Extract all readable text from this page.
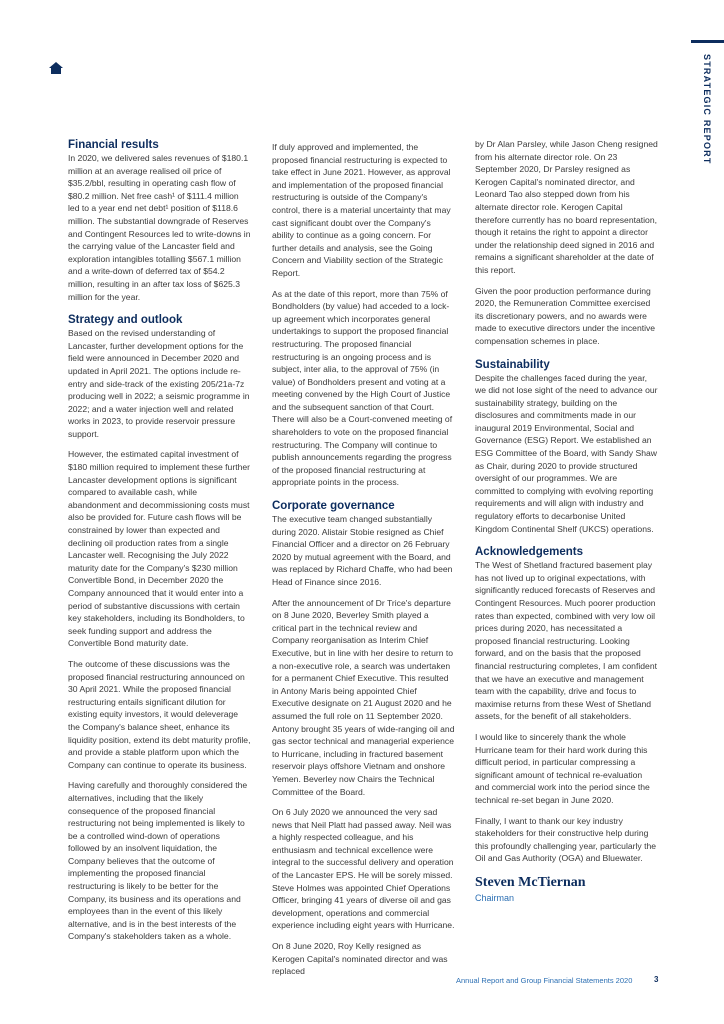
STRATEGIC REPORT
Financial results

In 2020, we delivered sales revenues of $180.1 million at an average realised oil price of $35.2/bbl, resulting in operating cash flow of $80.2 million. Net free cash¹ of $111.4 million led to a year end net debt¹ position of $118.6 million. The substantial downgrade of Reserves and Contingent Resources led to write-downs in the carrying value of the Lancaster field and exploration intangibles totalling $567.1 million and a write-down of deferred tax of $54.2 million, resulting in an after tax loss of $625.3 million for the year.

Strategy and outlook

Based on the revised understanding of Lancaster, further development options for the field were announced in December 2020 and updated in April 2021. The options include re-entry and side-track of the existing 205/21a-7z producing well in 2022; a seismic programme in 2022; and a water injection well and related works in 2023, to provide reservoir pressure support.

However, the estimated capital investment of $180 million required to implement these further Lancaster development options is significant compared to available cash, while abandonment and decommissioning costs must also be provided for. Future cash flows will be constrained by lower than expected and declining oil production rates from a single Lancaster well. Recognising the July 2022 maturity date for the Company's $230 million Convertible Bond, in December 2020 the Company announced that it would enter into a period of substantive discussions with certain key stakeholders, including its Bondholders, to seek funding support and address the Convertible Bond maturity date.

The outcome of these discussions was the proposed financial restructuring announced on 30 April 2021. While the proposed financial restructuring entails significant dilution for existing equity investors, it would deleverage the Company's balance sheet, enhance its liquidity position, extend its debt maturity profile, and provide a stable platform upon which the Company can continue to operate its business.

Having carefully and thoroughly considered the alternatives, including that the likely consequence of the proposed financial restructuring not being implemented is likely to be a controlled wind-down of operations followed by an insolvent liquidation, the Company believes that the outcome of implementing the proposed financial restructuring is likely to be better for the Company, its business and its operations and employees than in the event of this likely alternative, and is in the best interests of the Company's stakeholders taken as a whole.

If duly approved and implemented, the proposed financial restructuring is expected to take effect in June 2021. However, as approval and implementation of the proposed financial restructuring is outside of the Company's control, there is a material uncertainty that may cast significant doubt over the Company's ability to continue as a going concern. For further details and analysis, see the Going Concern and Viability section of the Strategic Report.

As at the date of this report, more than 75% of Bondholders (by value) had acceded to a lock-up agreement which incorporates general undertakings to support the proposed financial restructuring. The proposed financial restructuring is an ongoing process and is subject, inter alia, to the approval of 75% (in value) of Bondholders present and voting at a meeting convened by the High Court of Justice and the subsequent sanction of that Court. There will also be a Court-convened meeting of shareholders to vote on the proposed financial restructuring. The Company will continue to publish announcements regarding the progress of the proposed financial restructuring at appropriate points in the process.

Corporate governance

The executive team changed substantially during 2020. Alistair Stobie resigned as Chief Financial Officer and a director on 26 February 2020 by mutual agreement with the Board, and was replaced by Richard Chaffe, who had been Head of Finance since 2016.

After the announcement of Dr Trice's departure on 8 June 2020, Beverley Smith played a critical part in the technical review and Company reorganisation as Interim Chief Executive, but in line with her desire to return to a non-executive role, a search was undertaken for a permanent Chief Executive. This resulted in Antony Maris being appointed Chief Executive designate on 21 August 2020 and he assumed the full role on 11 September 2020. Antony brought 35 years of wide-ranging oil and gas sector technical and managerial experience to Hurricane, including in fractured basement reservoir plays offshore Vietnam and onshore Yemen. Beverley now Chairs the Technical Committee of the Board.

On 6 July 2020 we announced the very sad news that Neil Platt had passed away. Neil was a highly respected colleague, and his enthusiasm and technical excellence were integral to the successful delivery and operation of the Lancaster EPS. He will be sorely missed. Steve Holmes was appointed Chief Operations Officer, bringing 41 years of diverse oil and gas development, operations and commercial experience including eight years with Hurricane.

On 8 June 2020, Roy Kelly resigned as Kerogen Capital's nominated director and was replaced

by Dr Alan Parsley, while Jason Cheng resigned from his alternate director role. On 23 September 2020, Dr Parsley resigned as Kerogen Capital's nominated director, and Leonard Tao also stepped down from his alternate director role. Kerogen Capital therefore currently has no board representation, though it retains the right to appoint a director under the relationship deed signed in 2016 and remains a significant shareholder at the date of this report.

Given the poor production performance during 2020, the Remuneration Committee exercised its discretionary powers, and no awards were made to executive directors under the incentive compensation schemes in place.

Sustainability

Despite the challenges faced during the year, we did not lose sight of the need to advance our sustainability strategy, building on the disclosures and commitments made in our inaugural 2019 Environmental, Social and Governance (ESG) Report. We established an ESG Committee of the Board, with Sandy Shaw as Chair, during 2020 to provide structured oversight of our programmes. We are committed to complying with evolving reporting requirements and will align with industry and regulatory efforts to decarbonise United Kingdom Continental Shelf (UKCS) operations.

Acknowledgements

The West of Shetland fractured basement play has not lived up to original expectations, with significantly reduced forecasts of Reserves and Contingent Resources. Much poorer production rates than expected, combined with very low oil prices during 2020, has necessitated a proposed financial restructuring. Looking forward, and on the basis that the proposed financial restructuring completes, I am confident that we have an executive and management team with the capability, drive and focus to maximise returns from these West of Shetland assets, for the benefit of all stakeholders.

I would like to sincerely thank the whole Hurricane team for their hard work during this difficult period, in particular compressing a significant amount of technical re-evaluation and commercial work into the period since the technical re-set began in June 2020.

Finally, I want to thank our key industry stakeholders for their constructive help during this profoundly challenging year, particularly the Oil and Gas Authority (OGA) and Bluewater.

Steven McTiernan
Chairman
Annual Report and Group Financial Statements 2020	3
